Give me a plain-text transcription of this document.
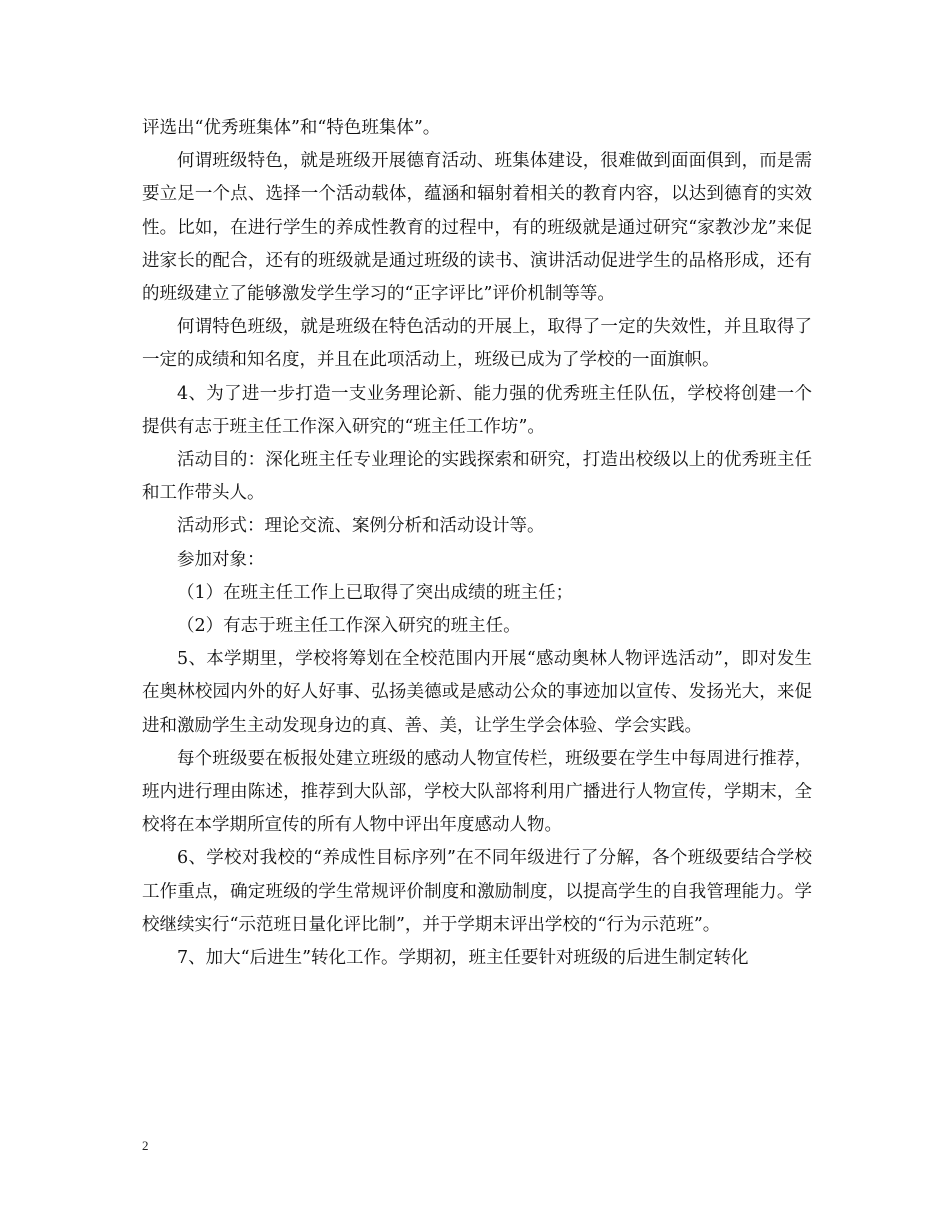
评选出“优秀班集体”和“特色班集体”。

何谓班级特色，就是班级开展德育活动、班集体建设，很难做到面面俱到，而是需要立足一个点、选择一个活动载体，蕴涵和辐射着相关的教育内容，以达到德育的实效性。比如，在进行学生的养成性教育的过程中，有的班级就是通过研究“家教沙龙”来促进家长的配合，还有的班级就是通过班级的读书、演讲活动促进学生的品格形成，还有的班级建立了能够激发学生学习的“正字评比”评价机制等等。

何谓特色班级，就是班级在特色活动的开展上，取得了一定的失效性，并且取得了一定的成绩和知名度，并且在此项活动上，班级已成为了学校的一面旗帜。

4、为了进一步打造一支业务理论新、能力强的优秀班主任队伍，学校将创建一个提供有志于班主任工作深入研究的“班主任工作坊”。

活动目的：深化班主任专业理论的实践探索和研究，打造出校级以上的优秀班主任和工作带头人。

活动形式：理论交流、案例分析和活动设计等。

参加对象：

（1）在班主任工作上已取得了突出成绩的班主任；

（2）有志于班主任工作深入研究的班主任。

5、本学期里，学校将筹划在全校范围内开展“感动奥林人物评选活动”，即对发生在奥林校园内外的好人好事、弘扬美德或是感动公众的事迹加以宣传、发扬光大，来促进和激励学生主动发现身边的真、善、美，让学生学会体验、学会实践。

每个班级要在板报处建立班级的感动人物宣传栏，班级要在学生中每周进行推荐，班内进行理由陈述，推荐到大队部，学校大队部将利用广播进行人物宣传，学期末，全校将在本学期所宣传的所有人物中评出年度感动人物。

6、学校对我校的“养成性目标序列”在不同年级进行了分解，各个班级要结合学校工作重点，确定班级的学生常规评价制度和激励制度，以提高学生的自我管理能力。学校继续实行“示范班日量化评比制”，并于学期末评出学校的“行为示范班”。

7、加大“后进生”转化工作。学期初，班主任要针对班级的后进生制定转化

2
